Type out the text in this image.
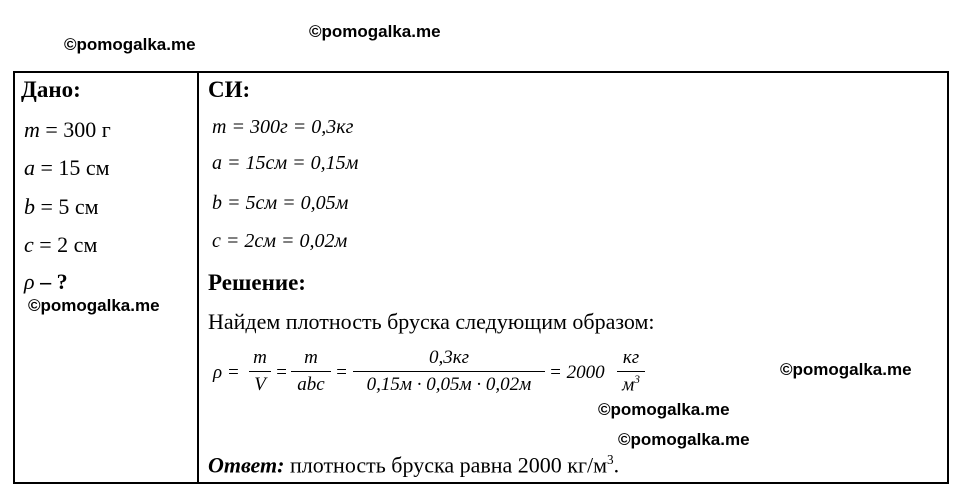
©pomogalka.me
©pomogalka.me
Дано:
m = 300 г
a = 15 см
b = 5 см
c = 2 см
ρ – ?
©pomogalka.me
СИ:
m = 300г = 0,3кг
a = 15см = 0,15м
b = 5см = 0,05м
c = 2см = 0,02м
Решение:
Найдем плотность бруска следующим образом:
ρ =
m
V
=
m
abc
=
0,3кг
0,15м · 0,05м · 0,02м
= 2000
кг
$м^3$
©pomogalka.me
©pomogalka.me
©pomogalka.me
Ответ: плотность бруска равна 2000 $кг/м^3$.
